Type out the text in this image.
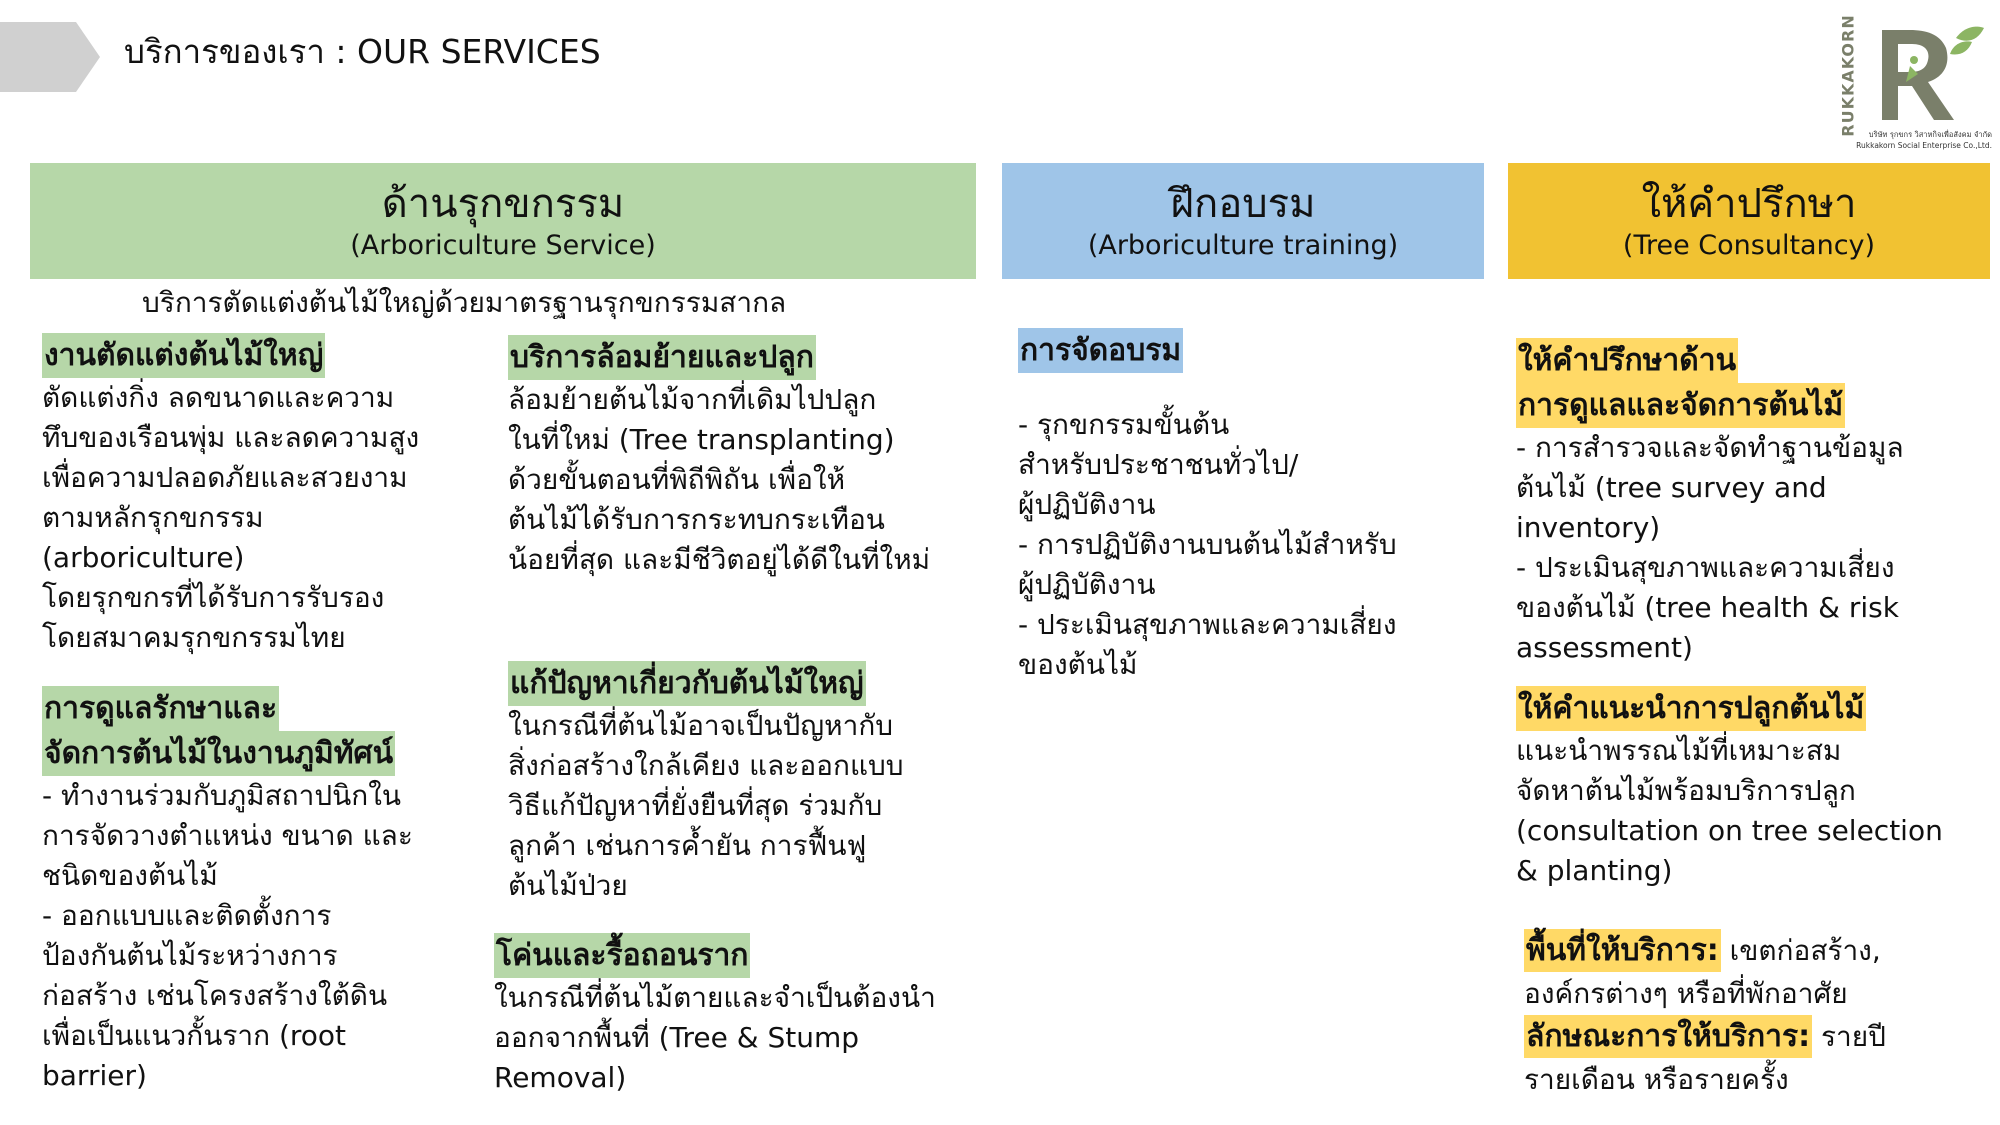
บริการของเรา : OUR SERVICES	RUKKAKORN บริษัท รุกขกร วิสาหกิจเพื่อสังคม จำกัด
Rukkakorn Social Enterprise Co.,Ltd.
ด้านรุกขกรรม
(Arboriculture Service)
ฝึกอบรม
(Arboriculture training)
ให้คำปรึกษา
(Tree Consultancy)
บริการตัดแต่งต้นไม้ใหญ่ด้วยมาตรฐานรุกขกรรมสากล
งานตัดแต่งต้นไม้ใหญ่
ตัดแต่งกิ่ง ลดขนาดและความ
ทึบของเรือนพุ่ม และลดความสูง
เพื่อความปลอดภัยและสวยงาม
ตามหลักรุกขกรรม
(arboriculture)
โดยรุกขกรที่ได้รับการรับรอง
โดยสมาคมรุกขกรรมไทย
การดูแลรักษาและ
จัดการต้นไม้ในงานภูมิทัศน์
- ทำงานร่วมกับภูมิสถาปนิกใน
การจัดวางตำแหน่ง ขนาด และ
ชนิดของต้นไม้
- ออกแบบและติดตั้งการ
ป้องกันต้นไม้ระหว่างการ
ก่อสร้าง เช่นโครงสร้างใต้ดิน
เพื่อเป็นแนวกั้นราก (root
barrier)
บริการล้อมย้ายและปลูก
ล้อมย้ายต้นไม้จากที่เดิมไปปลูก
ในที่ใหม่ (Tree transplanting)
ด้วยขั้นตอนที่พิถีพิถัน เพื่อให้
ต้นไม้ได้รับการกระทบกระเทือน
น้อยที่สุด และมีชีวิตอยู่ได้ดีในที่ใหม่
แก้ปัญหาเกี่ยวกับต้นไม้ใหญ่
ในกรณีที่ต้นไม้อาจเป็นปัญหากับ
สิ่งก่อสร้างใกล้เคียง และออกแบบ
วิธีแก้ปัญหาที่ยั่งยืนที่สุด ร่วมกับ
ลูกค้า เช่นการค้ำยัน การฟื้นฟู
ต้นไม้ป่วย
โค่นและรื้อถอนราก
ในกรณีที่ต้นไม้ตายและจำเป็นต้องนำ
ออกจากพื้นที่ (Tree & Stump
Removal)
การจัดอบรม
- รุกขกรรมขั้นต้น
สำหรับประชาชนทั่วไป/
ผู้ปฏิบัติงาน
- การปฏิบัติงานบนต้นไม้สำหรับ
ผู้ปฏิบัติงาน
- ประเมินสุขภาพและความเสี่ยง
ของต้นไม้
ให้คำปรึกษาด้าน
การดูแลและจัดการต้นไม้
- การสำรวจและจัดทำฐานข้อมูล
ต้นไม้ (tree survey and
inventory)
- ประเมินสุขภาพและความเสี่ยง
ของต้นไม้ (tree health & risk
assessment)
ให้คำแนะนำการปลูกต้นไม้
แนะนำพรรณไม้ที่เหมาะสม
จัดหาต้นไม้พร้อมบริการปลูก
(consultation on tree selection
& planting)
พื้นที่ให้บริการ: เขตก่อสร้าง,
องค์กรต่างๆ หรือที่พักอาศัย
ลักษณะการให้บริการ: รายปี
รายเดือน หรือรายครั้ง
